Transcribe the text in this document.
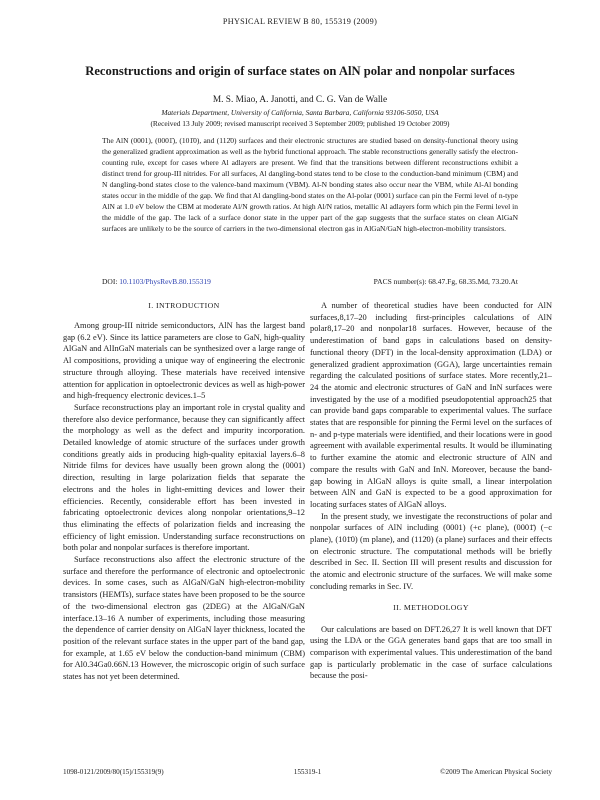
PHYSICAL REVIEW B 80, 155319 (2009)
Reconstructions and origin of surface states on AlN polar and nonpolar surfaces
M. S. Miao, A. Janotti, and C. G. Van de Walle
Materials Department, University of California, Santa Barbara, California 93106-5050, USA
(Received 13 July 2009; revised manuscript received 3 September 2009; published 19 October 2009)

The AlN (0001), (0001̄), (101̄0), and (112̄0) surfaces and their electronic structures are studied based on density-functional theory using the generalized gradient approximation as well as the hybrid functional approach. The stable reconstructions generally satisfy the electron-counting rule, except for cases where Al adlayers are present. We find that the transitions between different reconstructions exhibit a distinct trend for group-III nitrides. For all surfaces, Al dangling-bond states tend to be close to the conduction-band minimum (CBM) and N dangling-bond states close to the valence-band maximum (VBM). Al-N bonding states also occur near the VBM, while Al-Al bonding states occur in the middle of the gap. We find that Al dangling-bond states on the Al-polar (0001) surface can pin the Fermi level of n-type AlN at 1.0 eV below the CBM at moderate Al/N growth ratios. At high Al/N ratios, metallic Al adlayers form which pin the Fermi level in the middle of the gap. The lack of a surface donor state in the upper part of the gap suggests that the surface states on clean AlGaN surfaces are unlikely to be the source of carriers in the two-dimensional electron gas in AlGaN/GaN high-electron-mobility transistors.

DOI: 10.1103/PhysRevB.80.155319	PACS number(s): 68.47.Fg, 68.35.Md, 73.20.At
I. INTRODUCTION

Among group-III nitride semiconductors, AlN has the largest band gap (6.2 eV). Since its lattice parameters are close to GaN, high-quality AlGaN and AlInGaN materials can be synthesized over a large range of Al compositions, providing a unique way of engineering the electronic structure through alloying. These materials have received intensive attention for application in optoelectronic devices as well as high-power and high-frequency electronic devices.1–5

Surface reconstructions play an important role in crystal quality and therefore also device performance, because they can significantly affect the morphology as well as the defect and impurity incorporation. Detailed knowledge of atomic structure of the surfaces under growth conditions greatly aids in producing high-quality epitaxial layers.6–8 Nitride films for devices have usually been grown along the (0001) direction, resulting in large polarization fields that separate the electrons and the holes in light-emitting devices and lower their efficiencies. Recently, considerable effort has been invested in fabricating optoelectronic devices along nonpolar orientations,9–12 thus eliminating the effects of polarization fields and increasing the efficiency of light emission. Understanding surface reconstructions on both polar and nonpolar surfaces is therefore important.

Surface reconstructions also affect the electronic structure of the surface and therefore the performance of electronic and optoelectronic devices. In some cases, such as AlGaN/GaN high-electron-mobility transistors (HEMTs), surface states have been proposed to be the source of the two-dimensional electron gas (2DEG) at the AlGaN/GaN interface.13–16 A number of experiments, including those measuring the dependence of carrier density on AlGaN layer thickness, located the position of the relevant surface states in the upper part of the band gap, for example, at 1.65 eV below the conduction-band minimum (CBM) for Al0.34Ga0.66N.13 However, the microscopic origin of such surface states has not yet been determined.

A number of theoretical studies have been conducted for AlN surfaces,8,17–20 including first-principles calculations of AlN polar8,17–20 and nonpolar18 surfaces. However, because of the underestimation of band gaps in calculations based on density-functional theory (DFT) in the local-density approximation (LDA) or generalized gradient approximation (GGA), large uncertainties remain regarding the calculated positions of surface states. More recently,21–24 the atomic and electronic structures of GaN and InN surfaces were investigated by the use of a modified pseudopotential approach25 that can provide band gaps comparable to experimental values. The surface states that are responsible for pinning the Fermi level on the surfaces of n- and p-type materials were identified, and their locations were in good agreement with available experimental results. It would be illuminating to further examine the atomic and electronic structure of AlN and compare the results with GaN and InN. Moreover, because the band-gap bowing in AlGaN alloys is quite small, a linear interpolation between AlN and GaN is expected to be a good approximation for locating surfaces states of AlGaN alloys.

In the present study, we investigate the reconstructions of polar and nonpolar surfaces of AlN including (0001) (+c plane), (0001̄) (−c plane), (101̄0) (m plane), and (112̄0) (a plane) surfaces and their effects on electronic structure. The computational methods will be briefly described in Sec. II. Section III will present results and discussion for the atomic and electronic structure of the surfaces. We will make some concluding remarks in Sec. IV.

II. METHODOLOGY

Our calculations are based on DFT.26,27 It is well known that DFT using the LDA or the GGA generates band gaps that are too small in comparison with experimental values. This underestimation of the band gap is particularly problematic in the case of surface calculations because the posi-

1098-0121/2009/80(15)/155319(9)	155319-1	©2009 The American Physical Society
